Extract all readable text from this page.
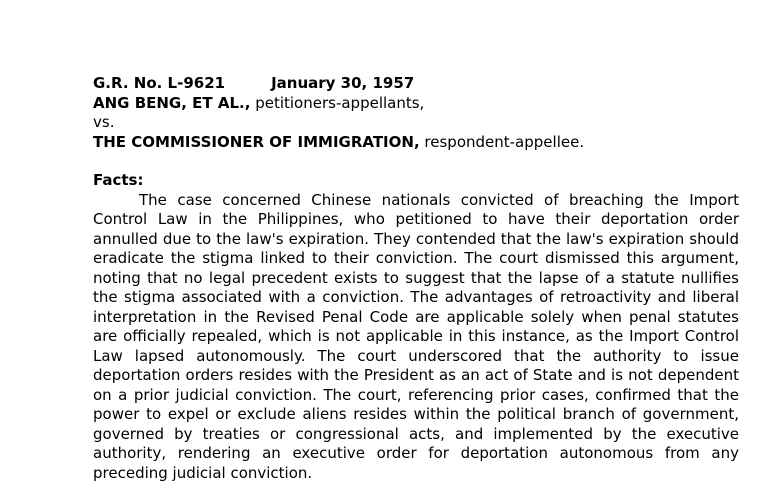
G.R. No. L-9621	January 30, 1957
ANG BENG, ET AL., petitioners-appellants,
vs.
THE COMMISSIONER OF IMMIGRATION, respondent-appellee.
Facts:

The case concerned Chinese nationals convicted of breaching the Import Control Law in the Philippines, who petitioned to have their deportation order annulled due to the law's expiration. They contended that the law's expiration should eradicate the stigma linked to their conviction. The court dismissed this argument, noting that no legal precedent exists to suggest that the lapse of a statute nullifies the stigma associated with a conviction. The advantages of retroactivity and liberal interpretation in the Revised Penal Code are applicable solely when penal statutes are officially repealed, which is not applicable in this instance, as the Import Control Law lapsed autonomously. The court underscored that the authority to issue deportation orders resides with the President as an act of State and is not dependent on a prior judicial conviction. The court, referencing prior cases, confirmed that the power to expel or exclude aliens resides within the political branch of government, governed by treaties or congressional acts, and implemented by the executive authority, rendering an executive order for deportation autonomous from any preceding judicial conviction.
